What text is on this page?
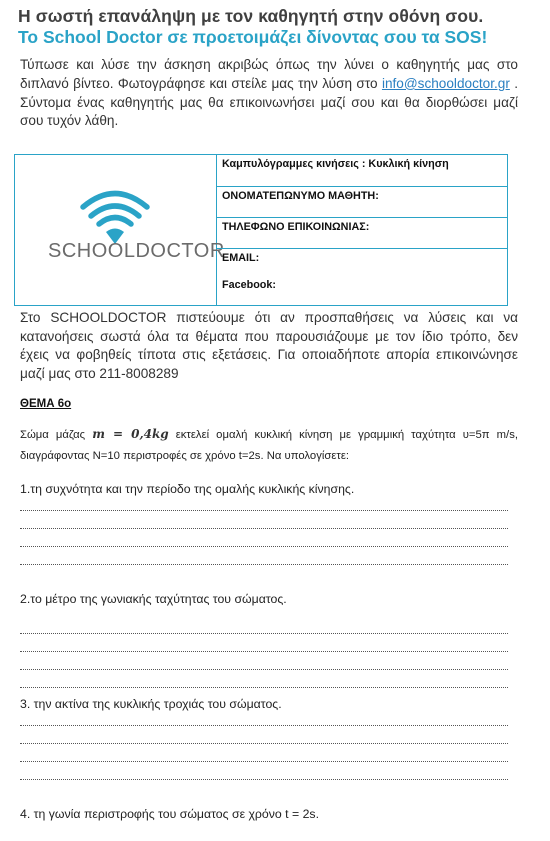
Η σωστή επανάληψη με τον καθηγητή στην οθόνη σου.
Το School Doctor σε προετοιμάζει δίνοντας σου τα SOS!
Τύπωσε και λύσε την άσκηση ακριβώς όπως την λύνει ο καθηγητής μας στο διπλανό βίντεο. Φωτογράφησε και στείλε μας την λύση στο info@schooldoctor.gr . Σύντομα ένας καθηγητής μας θα επικοινωνήσει μαζί σου και θα διορθώσει μαζί σου τυχόν λάθη.
SCHOOLDOCTOR
Καμπυλόγραμμες κινήσεις : Κυκλική κίνηση
ΟΝΟΜΑΤΕΠΩΝΥΜΟ ΜΑΘΗΤΗ:
ΤΗΛΕΦΩΝΟ ΕΠΙΚΟΙΝΩΝΙΑΣ:
EMAIL:
Facebook:
Στο SCHOOLDOCTOR πιστεύουμε ότι αν προσπαθήσεις να λύσεις και να κατανοήσεις σωστά όλα τα θέματα που παρουσιάζουμε με τον ίδιο τρόπο, δεν έχεις να φοβηθείς τίποτα στις εξετάσεις. Για οποιαδήποτε απορία επικοινώνησε μαζί μας στο 211-8008289
ΘΕΜΑ 6ο
Σώμα μάζας m = 0,4kg εκτελεί ομαλή κυκλική κίνηση με γραμμική ταχύτητα υ=5π m/s, διαγράφοντας Ν=10 περιστροφές σε χρόνο t=2s. Να υπολογίσετε:
1.τη συχνότητα και την περίοδο της ομαλής κυκλικής κίνησης.
2.το μέτρο της γωνιακής ταχύτητας του σώματος.
3. την ακτίνα της κυκλικής τροχιάς του σώματος.
4. τη γωνία περιστροφής του σώματος σε χρόνο t = 2s.
